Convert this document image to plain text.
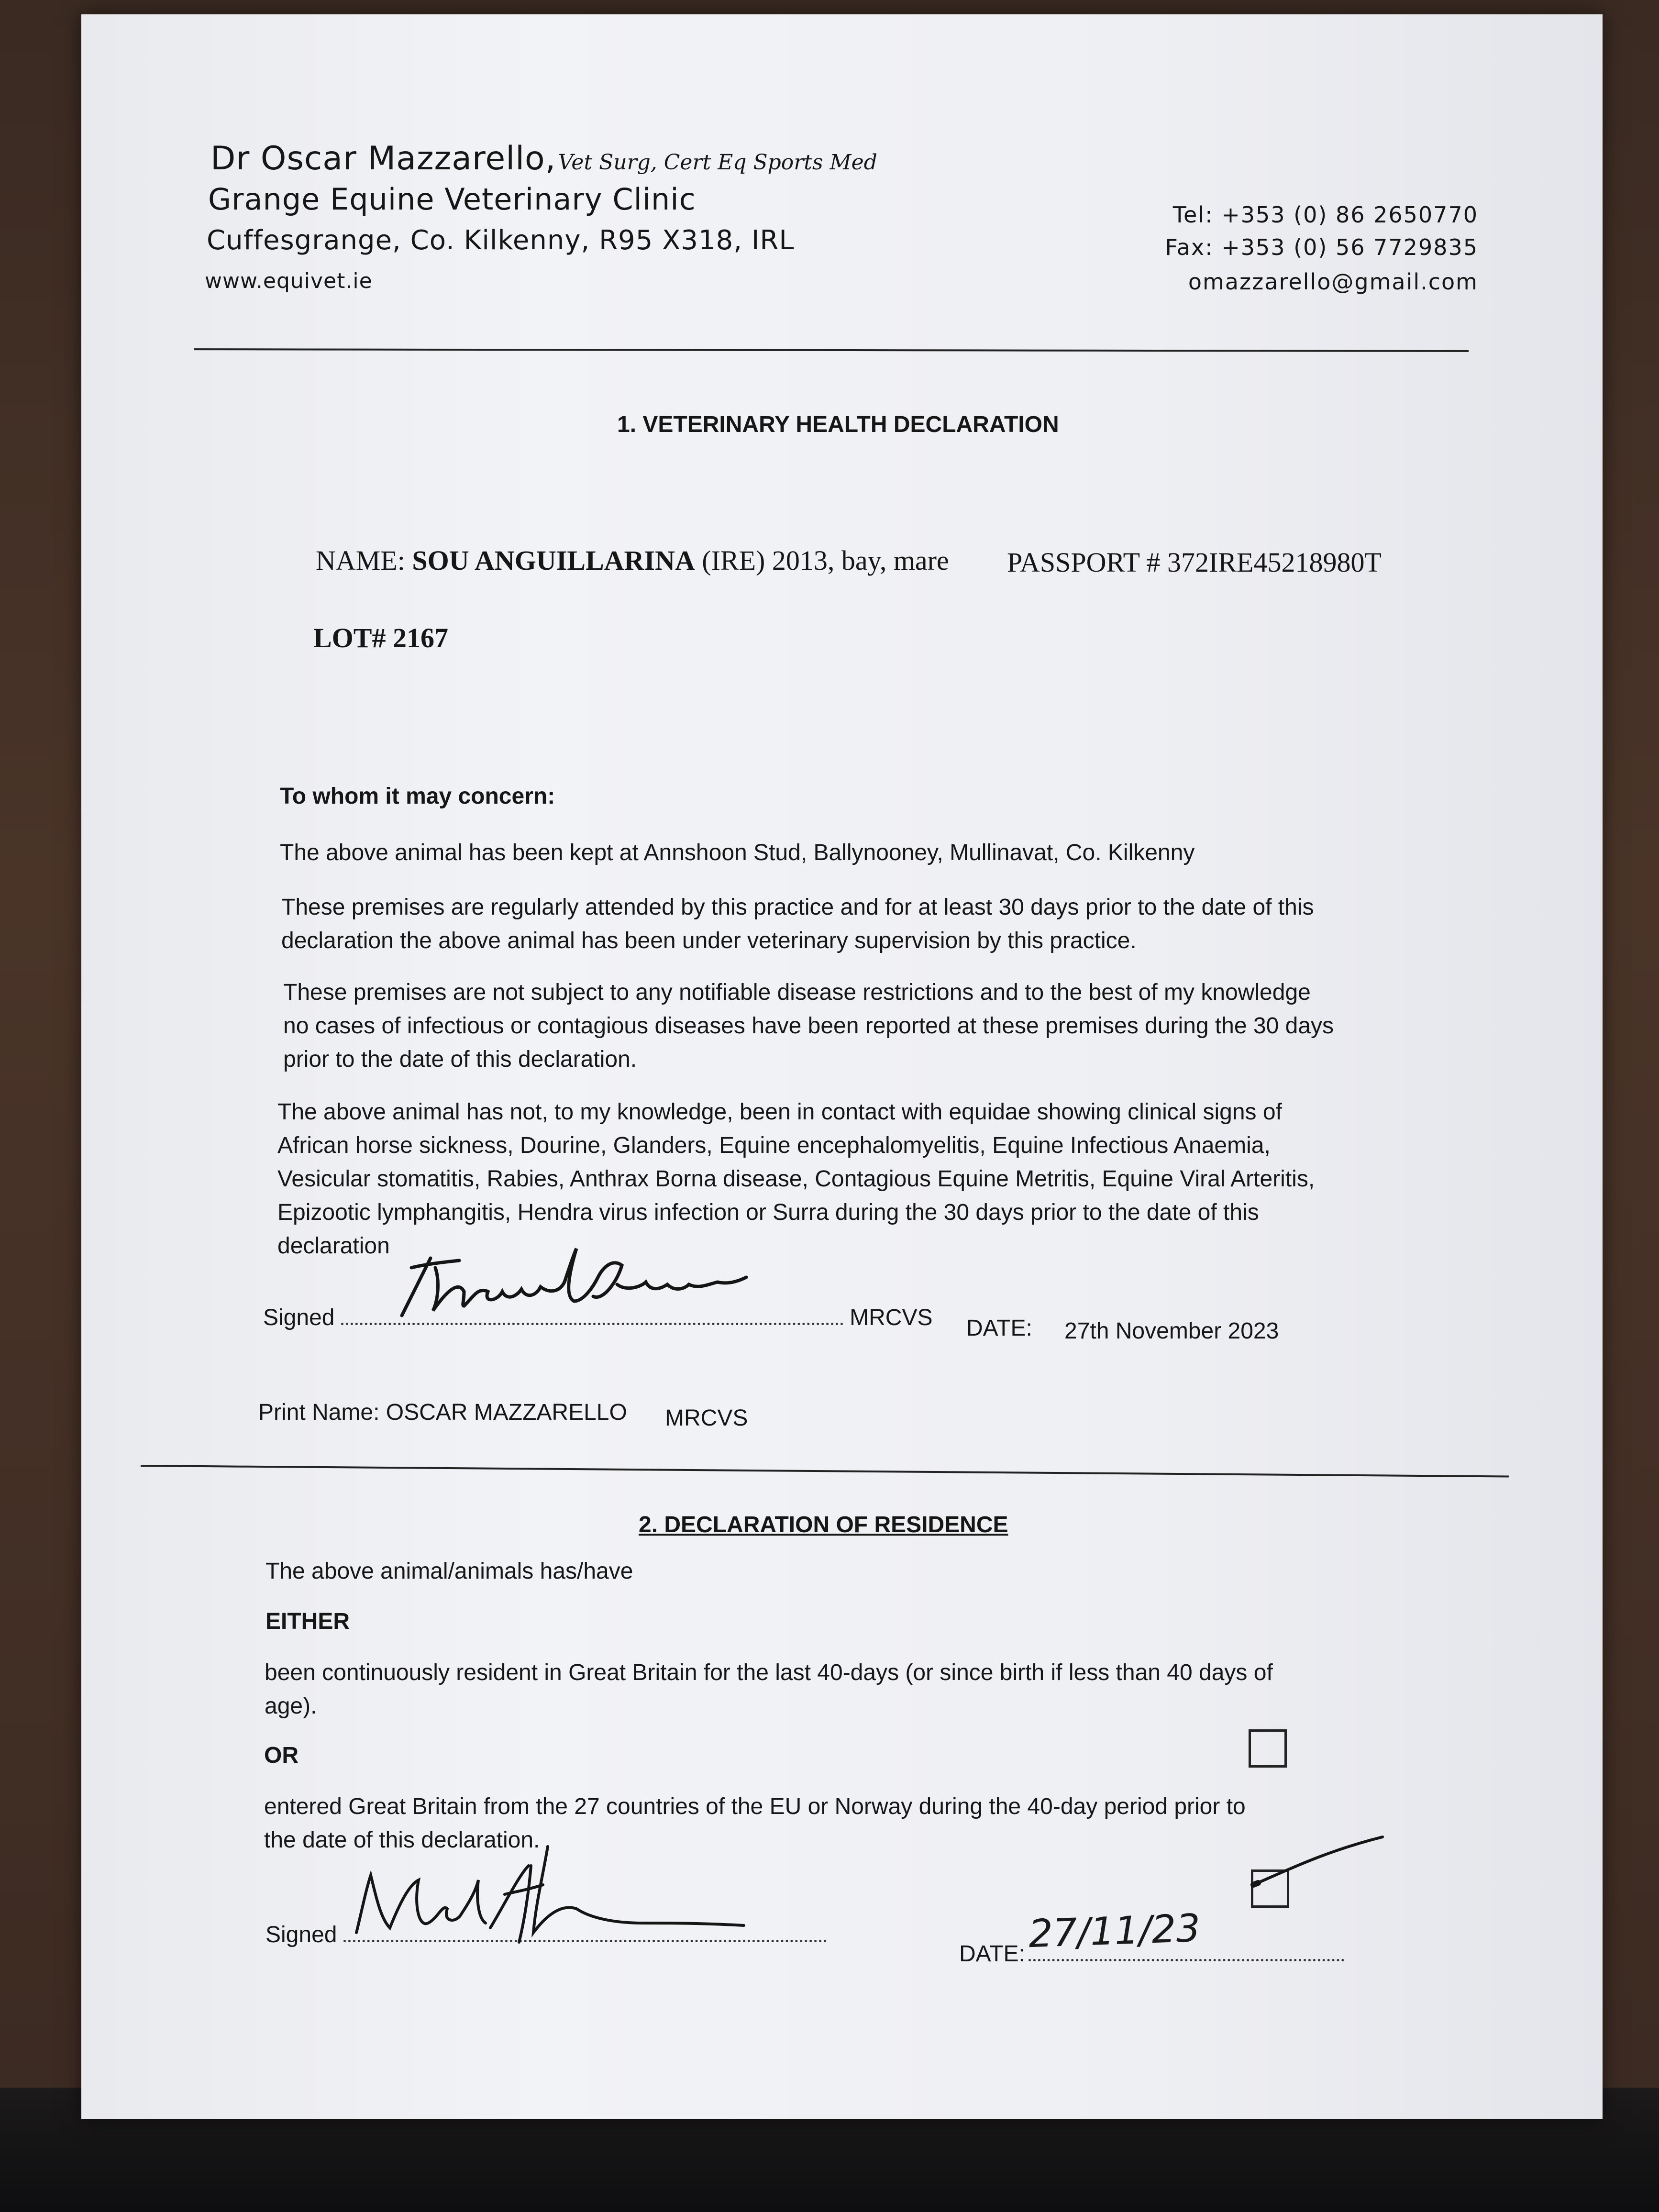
Dr Oscar Mazzarello, Vet Surg, Cert Eq Sports Med
Grange Equine Veterinary Clinic
Cuffesgrange, Co. Kilkenny, R95 X318, IRL
www.equivet.ie
Tel: +353 (0) 86 2650770
Fax: +353 (0) 56 7729835
omazzarello@gmail.com
1. VETERINARY HEALTH DECLARATION
NAME: SOU ANGUILLARINA (IRE) 2013, bay, mare PASSPORT # 372IRE45218980T
LOT# 2167
To whom it may concern:
The above animal has been kept at Annshoon Stud, Ballynooney, Mullinavat, Co. Kilkenny
These premises are regularly attended by this practice and for at least 30 days prior to the date of this
declaration the above animal has been under veterinary supervision by this practice.
These premises are not subject to any notifiable disease restrictions and to the best of my knowledge
no cases of infectious or contagious diseases have been reported at these premises during the 30 days
prior to the date of this declaration.
The above animal has not, to my knowledge, been in contact with equidae showing clinical signs of
African horse sickness, Dourine, Glanders, Equine encephalomyelitis, Equine Infectious Anaemia,
Vesicular stomatitis, Rabies, Anthrax Borna disease, Contagious Equine Metritis, Equine Viral Arteritis,
Epizootic lymphangitis, Hendra virus infection or Surra during the 30 days prior to the date of this
declaration
Signed	MRCVS DATE: 27th November 2023
Print Name: OSCAR MAZZARELLO MRCVS
2. DECLARATION OF RESIDENCE
The above animal/animals has/have
EITHER
been continuously resident in Great Britain for the last 40-days (or since birth if less than 40 days of
age).
OR
entered Great Britain from the 27 countries of the EU or Norway during the 40-day period prior to
the date of this declaration.
Signed
DATE: 27/11/23
